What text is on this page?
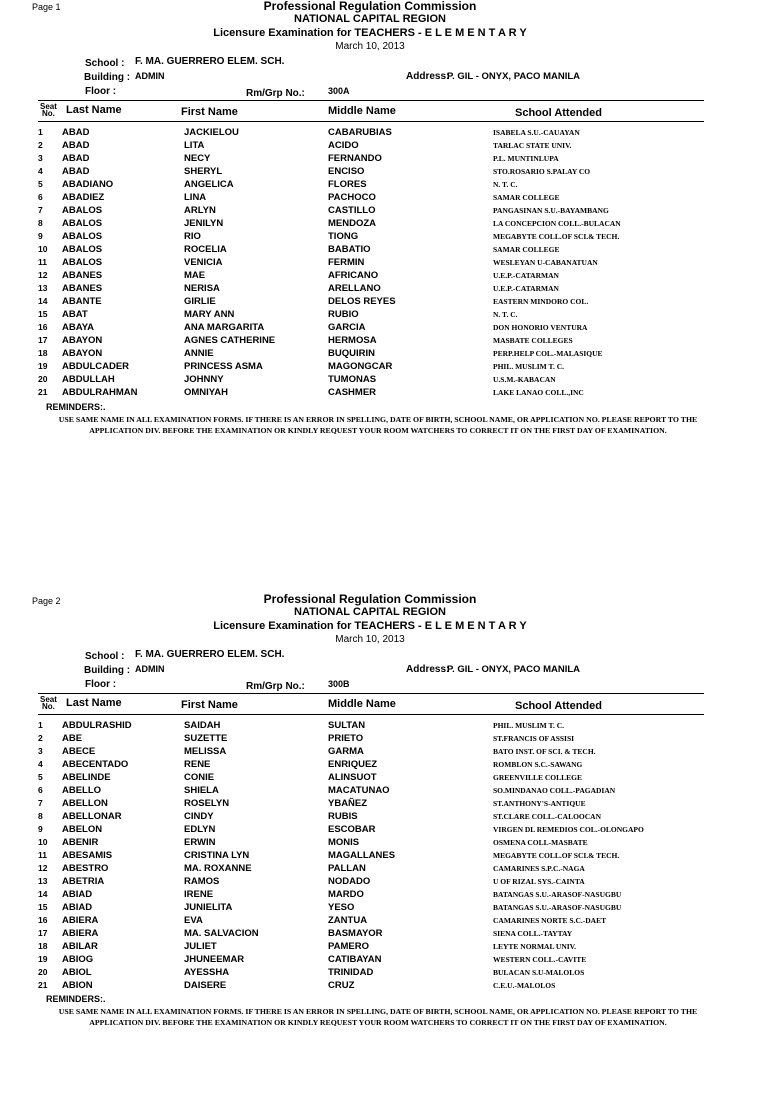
Page 1	Professional Regulation Commission
NATIONAL CAPITAL REGION
Licensure Examination for TEACHERS - E L E M E N T A R Y
March 10, 2013
School : F. MA. GUERRERO ELEM. SCH.
Building : ADMIN	Address:
P. GIL - ONYX, PACO MANILA
Floor :	Rm/Grp No.:	300A
Seat
No. Last Name	First Name	Middle Name	School Attended
1 ABAD	JACKIELOU	CABARUBIAS	ISABELA S.U.-CAUAYAN
2 ABAD	LITA	ACIDO	TARLAC STATE UNIV.
3 ABAD	NECY	FERNANDO	P.L. MUNTINLUPA
4 ABAD	SHERYL	ENCISO	STO.ROSARIO S.PALAY CO
5 ABADIANO	ANGELICA	FLORES	N. T. C.
6 ABADIEZ	LINA	PACHOCO	SAMAR COLLEGE
7 ABALOS	ARLYN	CASTILLO	PANGASINAN S.U.-BAYAMBANG
8 ABALOS	JENILYN	MENDOZA	LA CONCEPCION COLL.-BULACAN
9 ABALOS	RIO	TIONG	MEGABYTE COLL.OF SCI.& TECH.
10 ABALOS	ROCELIA	BABATIO	SAMAR COLLEGE
11 ABALOS	VENICIA	FERMIN	WESLEYAN U-CABANATUAN
12 ABANES	MAE	AFRICANO	U.E.P.-CATARMAN
13 ABANES	NERISA	ARELLANO	U.E.P.-CATARMAN
14 ABANTE	GIRLIE	DELOS REYES	EASTERN MINDORO COL.
15 ABAT	MARY ANN	RUBIO	N. T. C.
16 ABAYA	ANA MARGARITA	GARCIA	DON HONORIO VENTURA
17 ABAYON	AGNES CATHERINE	HERMOSA	MASBATE COLLEGES
18 ABAYON	ANNIE	BUQUIRIN	PERP.HELP COL.-MALASIQUE
19 ABDULCADER	PRINCESS ASMA	MAGONGCAR	PHIL. MUSLIM T. C.
20 ABDULLAH	JOHNNY	TUMONAS	U.S.M.-KABACAN
21 ABDULRAHMAN	OMNIYAH	CASHMER	LAKE LANAO COLL.,INC
REMINDERS:.
USE SAME NAME IN ALL EXAMINATION FORMS. IF THERE IS AN ERROR IN SPELLING, DATE OF BIRTH, SCHOOL NAME, OR APPLICATION NO. PLEASE REPORT TO THE
APPLICATION DIV. BEFORE THE EXAMINATION OR KINDLY REQUEST YOUR ROOM WATCHERS TO CORRECT IT ON THE FIRST DAY OF EXAMINATION.
Page 2	Professional Regulation Commission
NATIONAL CAPITAL REGION
Licensure Examination for TEACHERS - E L E M E N T A R Y
March 10, 2013
School : F. MA. GUERRERO ELEM. SCH.
Building : ADMIN	Address:
P. GIL - ONYX, PACO MANILA
Floor :	Rm/Grp No.:	300B
Seat
No. Last Name	First Name	Middle Name	School Attended
1 ABDULRASHID	SAIDAH	SULTAN	PHIL. MUSLIM T. C.
2 ABE	SUZETTE	PRIETO	ST.FRANCIS OF ASSISI
3 ABECE	MELISSA	GARMA	BATO INST. OF SCI. & TECH.
4 ABECENTADO	RENE	ENRIQUEZ	ROMBLON S.C.-SAWANG
5 ABELINDE	CONIE	ALINSUOT	GREENVILLE COLLEGE
6 ABELLO	SHIELA	MACATUNAO	SO.MINDANAO COLL.-PAGADIAN
7 ABELLON	ROSELYN	YBAÑEZ	ST.ANTHONY'S-ANTIQUE
8 ABELLONAR	CINDY	RUBIS	ST.CLARE COLL.-CALOOCAN
9 ABELON	EDLYN	ESCOBAR	VIRGEN DL REMEDIOS COL.-OLONGAPO
10 ABENIR	ERWIN	MONIS	OSMENA COLL-MASBATE
11 ABESAMIS	CRISTINA LYN	MAGALLANES	MEGABYTE COLL.OF SCI.& TECH.
12 ABESTRO	MA. ROXANNE	PALLAN	CAMARINES S.P.C.-NAGA
13 ABETRIA	RAMOS	NODADO	U OF RIZAL SYS.-CAINTA
14 ABIAD	IRENE	MARDO	BATANGAS S.U.-ARASOF-NASUGBU
15 ABIAD	JUNIELITA	YESO	BATANGAS S.U.-ARASOF-NASUGBU
16 ABIERA	EVA	ZANTUA	CAMARINES NORTE S.C.-DAET
17 ABIERA	MA. SALVACION	BASMAYOR	SIENA COLL.-TAYTAY
18 ABILAR	JULIET	PAMERO	LEYTE NORMAL UNIV.
19 ABIOG	JHUNEEMAR	CATIBAYAN	WESTERN COLL.-CAVITE
20 ABIOL	AYESSHA	TRINIDAD	BULACAN S.U-MALOLOS
21 ABION	DAISERE	CRUZ	C.E.U.-MALOLOS
REMINDERS:.
USE SAME NAME IN ALL EXAMINATION FORMS. IF THERE IS AN ERROR IN SPELLING, DATE OF BIRTH, SCHOOL NAME, OR APPLICATION NO. PLEASE REPORT TO THE
APPLICATION DIV. BEFORE THE EXAMINATION OR KINDLY REQUEST YOUR ROOM WATCHERS TO CORRECT IT ON THE FIRST DAY OF EXAMINATION.
